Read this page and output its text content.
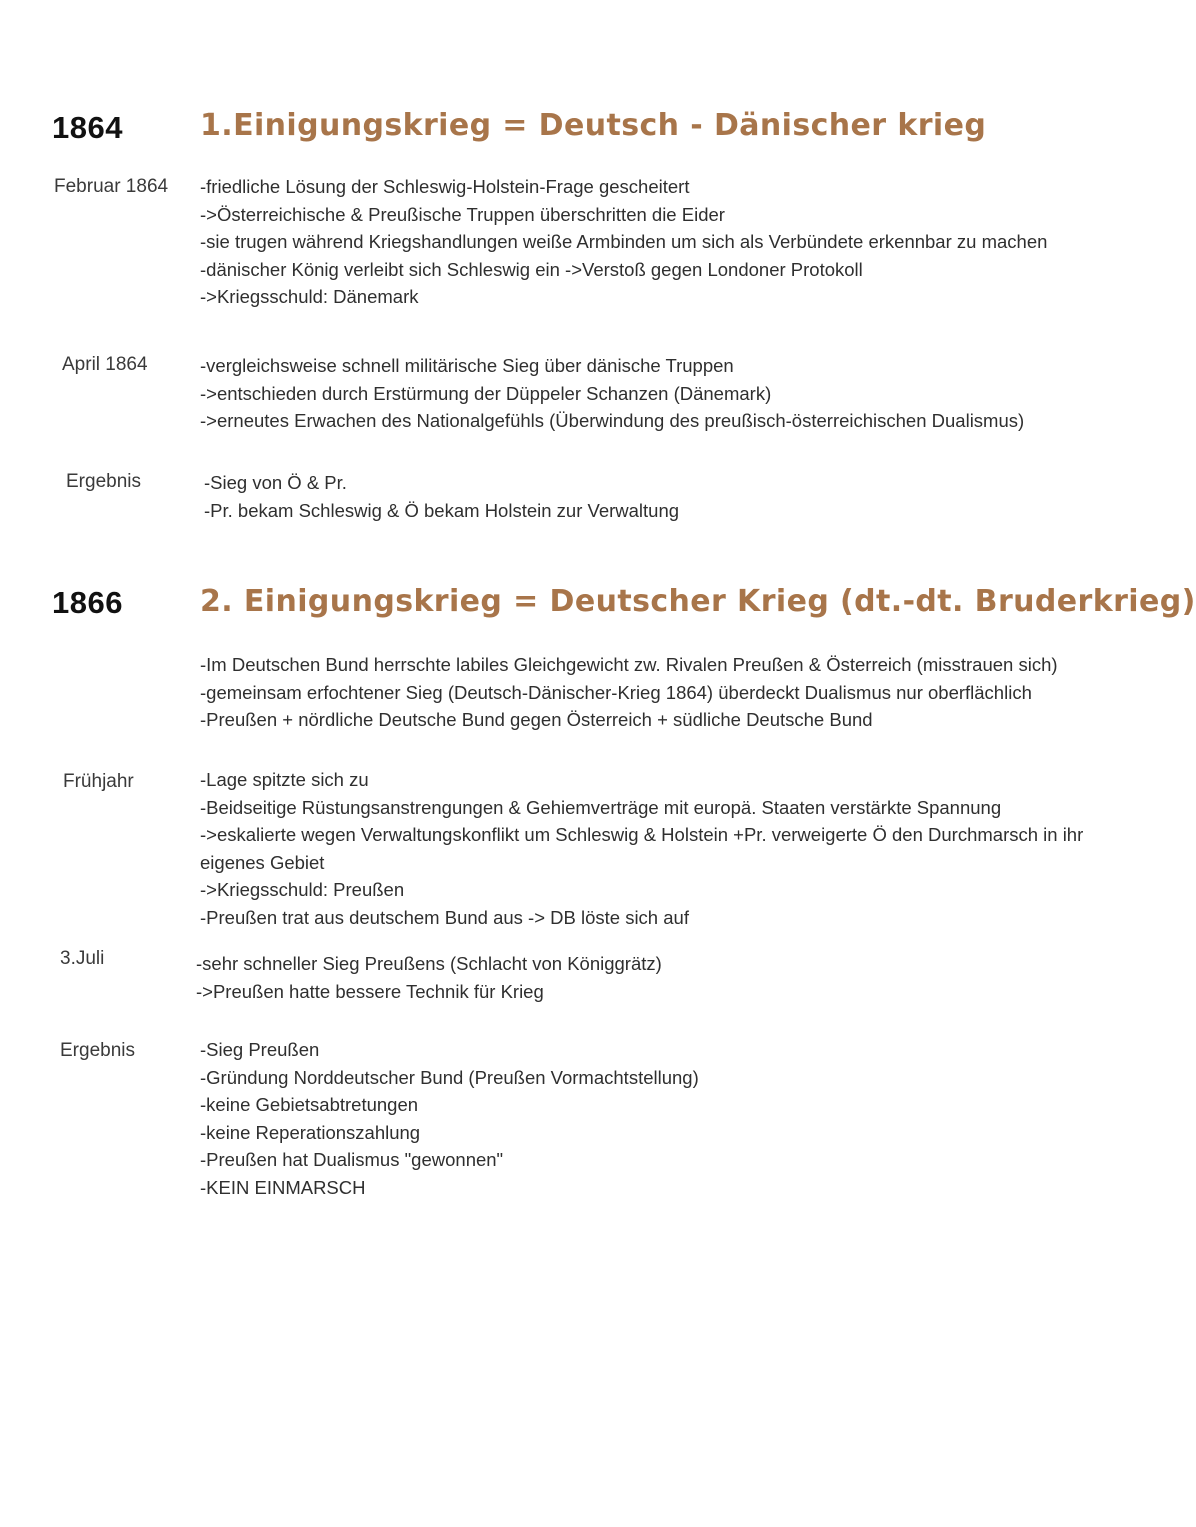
1864	1.Einigungskrieg = Deutsch - Dänischer krieg
Februar 1864 -friedliche Lösung der Schleswig-Holstein-Frage gescheitert
->Österreichische & Preußische Truppen überschritten die Eider
-sie trugen während Kriegshandlungen weiße Armbinden um sich als Verbündete erkennbar zu machen
-dänischer König verleibt sich Schleswig ein ->Verstoß gegen Londoner Protokoll
->Kriegsschuld: Dänemark
April 1864	-vergleichsweise schnell militärische Sieg über dänische Truppen
->entschieden durch Erstürmung der Düppeler Schanzen (Dänemark)
->erneutes Erwachen des Nationalgefühls (Überwindung des preußisch-österreichischen Dualismus)
Ergebnis	-Sieg von Ö & Pr.
-Pr. bekam Schleswig & Ö bekam Holstein zur Verwaltung
1866	2. Einigungskrieg = Deutscher Krieg (dt.-dt. Bruderkrieg)
-Im Deutschen Bund herrschte labiles Gleichgewicht zw. Rivalen Preußen & Österreich (misstrauen sich)
-gemeinsam erfochtener Sieg (Deutsch-Dänischer-Krieg 1864) überdeckt Dualismus nur oberflächlich
-Preußen + nördliche Deutsche Bund gegen Österreich + südliche Deutsche Bund
Frühjahr	-Lage spitzte sich zu
-Beidseitige Rüstungsanstrengungen & Gehiemverträge mit europä. Staaten verstärkte Spannung
->eskalierte wegen Verwaltungskonflikt um Schleswig & Holstein +Pr. verweigerte Ö den Durchmarsch in ihr
eigenes Gebiet
->Kriegsschuld: Preußen
-Preußen trat aus deutschem Bund aus -> DB löste sich auf
3.Juli	-sehr schneller Sieg Preußens (Schlacht von Königgrätz)
->Preußen hatte bessere Technik für Krieg
Ergebnis	-Sieg Preußen
-Gründung Norddeutscher Bund (Preußen Vormachtstellung)
-keine Gebietsabtretungen
-keine Reperationszahlung
-Preußen hat Dualismus "gewonnen"
-KEIN EINMARSCH
